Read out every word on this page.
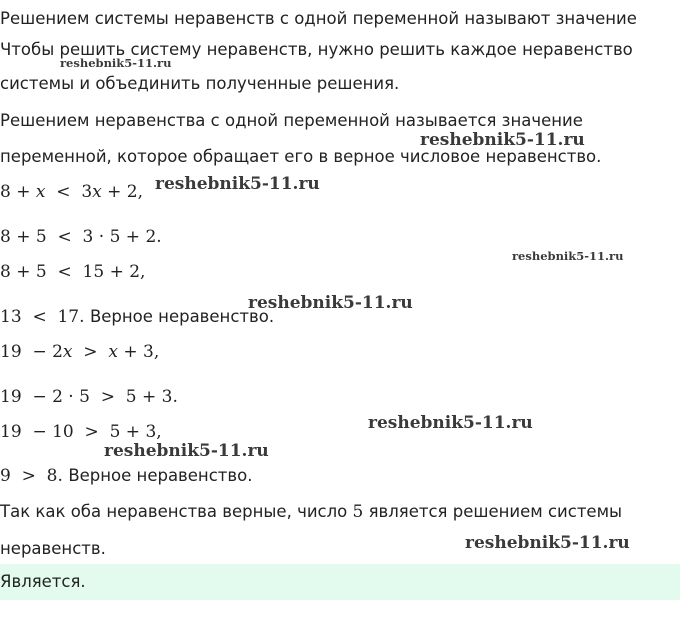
Решением системы неравенств с одной переменной называют значение
Чтобы решить систему неравенств, нужно решить каждое неравенство
системы и объединить полученные решения.
Решением неравенства с одной переменной называется значение
переменной, которое обращает его в верное числовое неравенство.
8 + x  <  3x + 2,
8 + 5  <  3 · 5 + 2.
8 + 5  <  15 + 2,
13  <  17. Верное неравенство.
19  − 2x  >  x + 3,
19  − 2 · 5  >  5 + 3.
19  − 10  >  5 + 3,
9  >  8. Верное неравенство.
Так как оба неравенства верные, число 5 является решением системы
неравенств.
Является.
reshebnik5-11.ru
reshebnik5-11.ru
reshebnik5-11.ru
reshebnik5-11.ru
reshebnik5-11.ru
reshebnik5-11.ru
reshebnik5-11.ru
reshebnik5-11.ru
